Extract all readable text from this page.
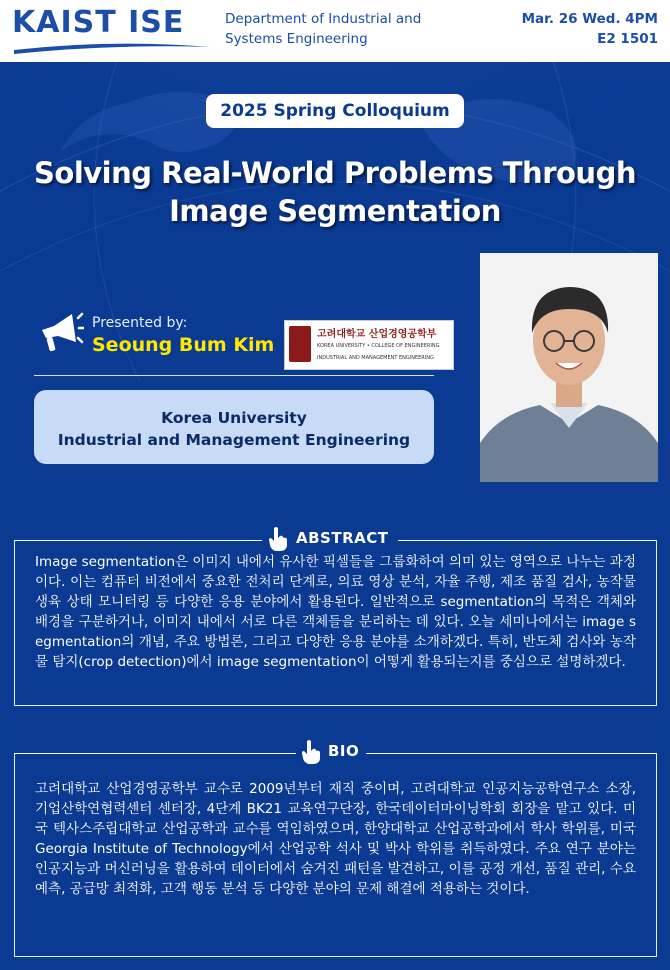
KAIST ISE	Department of Industrial and
Systems Engineering
Mar. 26 Wed. 4PM
E2 1501
2025 Spring Colloquium
Solving Real-World Problems Through
Image Segmentation
Presented by:
Seoung Bum Kim	고려대학교 산업경영공학부
KOREA UNIVERSITY • COLLEGE OF ENGINEERING
INDUSTRIAL AND MANAGEMENT ENGINEERING
Korea University
Industrial and Management Engineering
ABSTRACT

Image segmentation은 이미지 내에서 유사한 픽셀들을 그룹화하여 의미 있는 영역으로 나누는 과정이다. 이는 컴퓨터 비전에서 중요한 전처리 단계로, 의료 영상 분석, 자율 주행, 제조 품질 검사, 농작물 생육 상태 모니터링 등 다양한 응용 분야에서 활용된다. 일반적으로 segmentation의 목적은 객체와 배경을 구분하거나, 이미지 내에서 서로 다른 객체들을 분리하는 데 있다. 오늘 세미나에서는 image segmentation의 개념, 주요 방법론, 그리고 다양한 응용 분야를 소개하겠다. 특히, 반도체 검사와 농작물 탐지(crop detection)에서 image segmentation이 어떻게 활용되는지를 중심으로 설명하겠다.

BIO

고려대학교 산업경영공학부 교수로 2009년부터 재직 중이며, 고려대학교 인공지능공학연구소 소장, 기업산학연협력센터 센터장, 4단계 BK21 교육연구단장, 한국데이터마이닝학회 회장을 맡고 있다. 미국 텍사스주립대학교 산업공학과 교수를 역임하였으며, 한양대학교 산업공학과에서 학사 학위를, 미국 Georgia Institute of Technology에서 산업공학 석사 및 박사 학위를 취득하였다. 주요 연구 분야는 인공지능과 머신러닝을 활용하여 데이터에서 숨겨진 패턴을 발견하고, 이를 공정 개선, 품질 관리, 수요 예측, 공급망 최적화, 고객 행동 분석 등 다양한 분야의 문제 해결에 적용하는 것이다.
